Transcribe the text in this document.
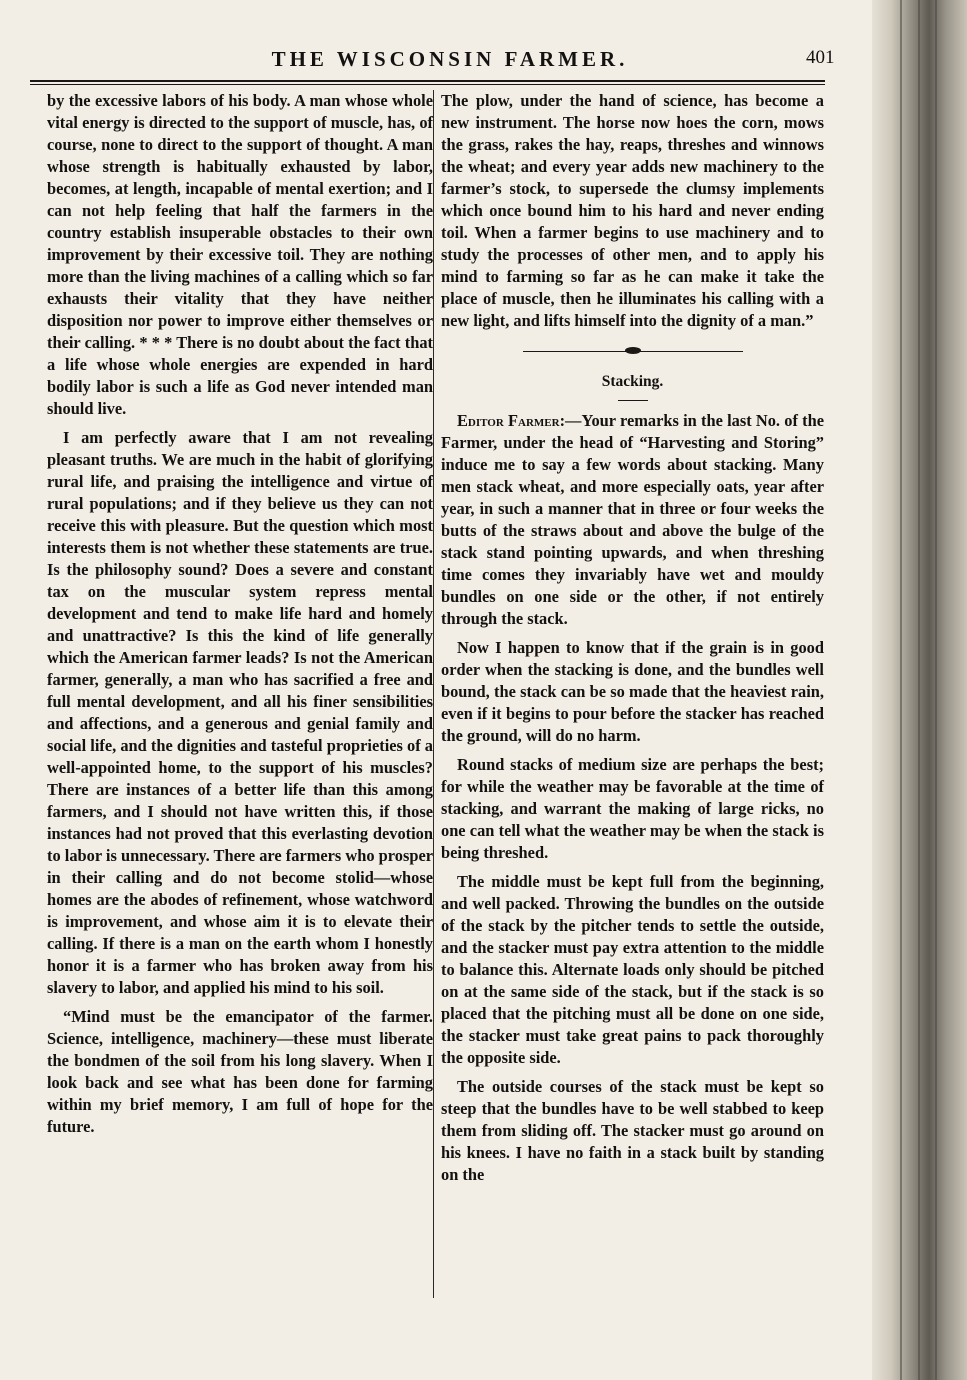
THE WISCONSIN FARMER.	401

by the excessive labors of his body. A man whose whole vital energy is directed to the support of muscle, has, of course, none to direct to the support of thought. A man whose strength is habitually exhausted by labor, becomes, at length, incapable of mental exertion; and I can not help feeling that half the farmers in the country establish insuperable obstacles to their own improvement by their excessive toil. They are nothing more than the living machines of a calling which so far exhausts their vitality that they have neither disposition nor power to improve either themselves or their calling. * * * There is no doubt about the fact that a life whose whole energies are expended in hard bodily labor is such a life as God never intended man should live.

I am perfectly aware that I am not revealing pleasant truths. We are much in the habit of glorifying rural life, and praising the intelligence and virtue of rural populations; and if they believe us they can not receive this with pleasure. But the question which most interests them is not whether these statements are true. Is the philosophy sound? Does a severe and constant tax on the muscular system repress mental development and tend to make life hard and homely and unattractive? Is this the kind of life generally which the American farmer leads? Is not the American farmer, generally, a man who has sacrified a free and full mental development, and all his finer sensibilities and affections, and a generous and genial family and social life, and the dignities and tasteful proprieties of a well-appointed home, to the support of his muscles? There are instances of a better life than this among farmers, and I should not have written this, if those instances had not proved that this everlasting devotion to labor is unnecessary. There are farmers who prosper in their calling and do not become stolid—whose homes are the abodes of refinement, whose watchword is improvement, and whose aim it is to elevate their calling. If there is a man on the earth whom I honestly honor it is a farmer who has broken away from his slavery to labor, and applied his mind to his soil.

“Mind must be the emancipator of the farmer. Science, intelligence, machinery—these must liberate the bondmen of the soil from his long slavery. When I look back and see what has been done for farming within my brief memory, I am full of hope for the future.

The plow, under the hand of science, has become a new instrument. The horse now hoes the corn, mows the grass, rakes the hay, reaps, threshes and winnows the wheat; and every year adds new machinery to the farmer’s stock, to supersede the clumsy implements which once bound him to his hard and never ending toil. When a farmer begins to use machinery and to study the processes of other men, and to apply his mind to farming so far as he can make it take the place of muscle, then he illuminates his calling with a new light, and lifts himself into the dignity of a man.”

Stacking.

Editor Farmer:—Your remarks in the last No. of the Farmer, under the head of “Harvesting and Storing” induce me to say a few words about stacking. Many men stack wheat, and more especially oats, year after year, in such a manner that in three or four weeks the butts of the straws about and above the bulge of the stack stand pointing upwards, and when threshing time comes they invariably have wet and mouldy bundles on one side or the other, if not entirely through the stack.

Now I happen to know that if the grain is in good order when the stacking is done, and the bundles well bound, the stack can be so made that the heaviest rain, even if it begins to pour before the stacker has reached the ground, will do no harm.

Round stacks of medium size are perhaps the best; for while the weather may be favorable at the time of stacking, and warrant the making of large ricks, no one can tell what the weather may be when the stack is being threshed.

The middle must be kept full from the beginning, and well packed. Throwing the bundles on the outside of the stack by the pitcher tends to settle the outside, and the stacker must pay extra attention to the middle to balance this. Alternate loads only should be pitched on at the same side of the stack, but if the stack is so placed that the pitching must all be done on one side, the stacker must take great pains to pack thoroughly the opposite side.

The outside courses of the stack must be kept so steep that the bundles have to be well stabbed to keep them from sliding off. The stacker must go around on his knees. I have no faith in a stack built by standing on the
